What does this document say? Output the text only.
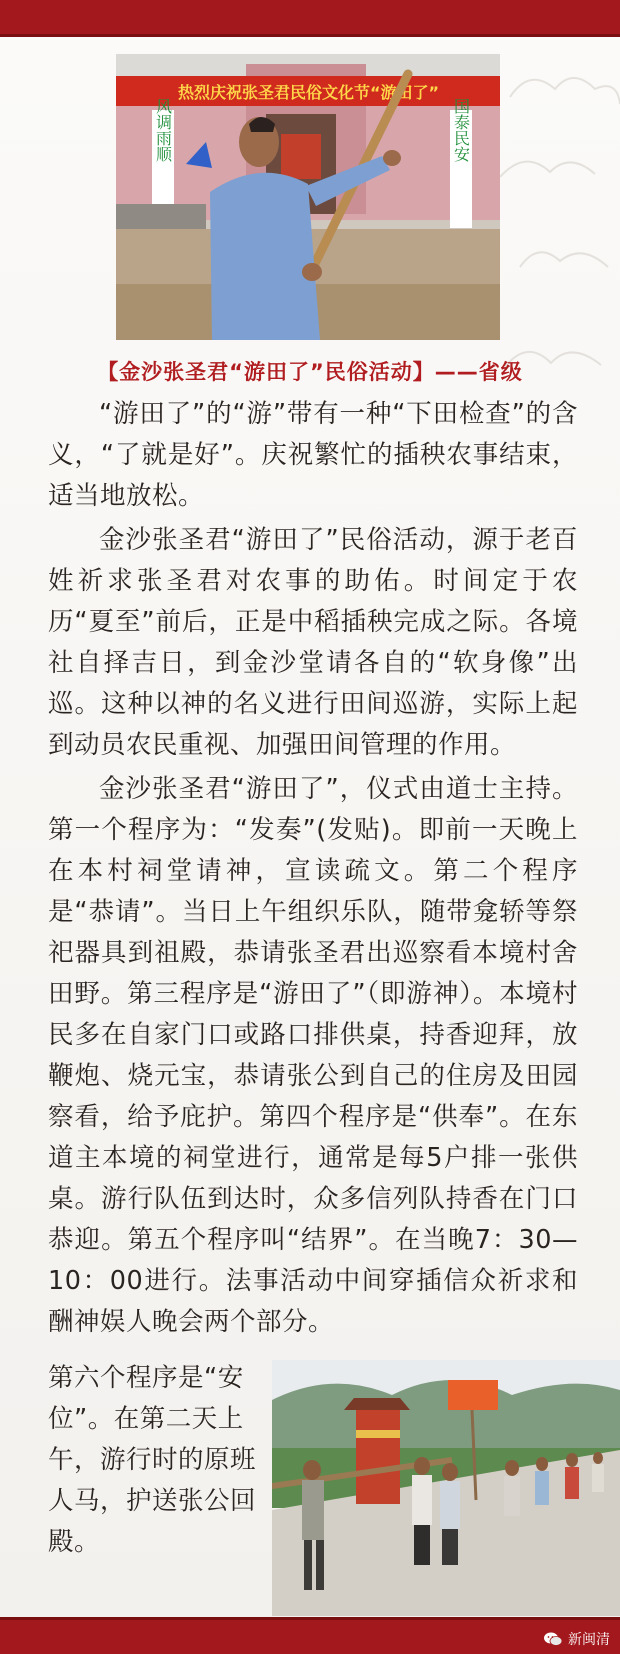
热烈庆祝张圣君民俗文化节“游田了”
风调雨顺	国泰民安
【金沙张圣君“游田了”民俗活动】——省级

“游田了”的“游”带有一种“下田检查”的含义，“了就是好”。庆祝繁忙的插秧农事结束，适当地放松。

金沙张圣君“游田了”民俗活动，源于老百姓祈求张圣君对农事的助佑。时间定于农历“夏至”前后，正是中稻插秧完成之际。各境社自择吉日，到金沙堂请各自的“软身像”出巡。这种以神的名义进行田间巡游，实际上起到动员农民重视、加强田间管理的作用。

金沙张圣君“游田了”，仪式由道士主持。第一个程序为：“发奏”(发贴)。即前一天晚上在本村祠堂请神，宣读疏文。第二个程序是“恭请”。当日上午组织乐队，随带龛轿等祭祀器具到祖殿，恭请张圣君出巡察看本境村舍田野。第三程序是“游田了”（即游神）。本境村民多在自家门口或路口排供桌，持香迎拜，放鞭炮、烧元宝，恭请张公到自己的住房及田园察看，给予庇护。第四个程序是“供奉”。在东道主本境的祠堂进行，通常是每5户排一张供桌。游行队伍到达时，众多信列队持香在门口恭迎。第五个程序叫“结界”。在当晚7：30—10：00进行。法事活动中间穿插信众祈求和酬神娱人晚会两个部分。

第六个程序是“安位”。在第二天上午，游行时的原班人马，护送张公回殿。
新闽清
